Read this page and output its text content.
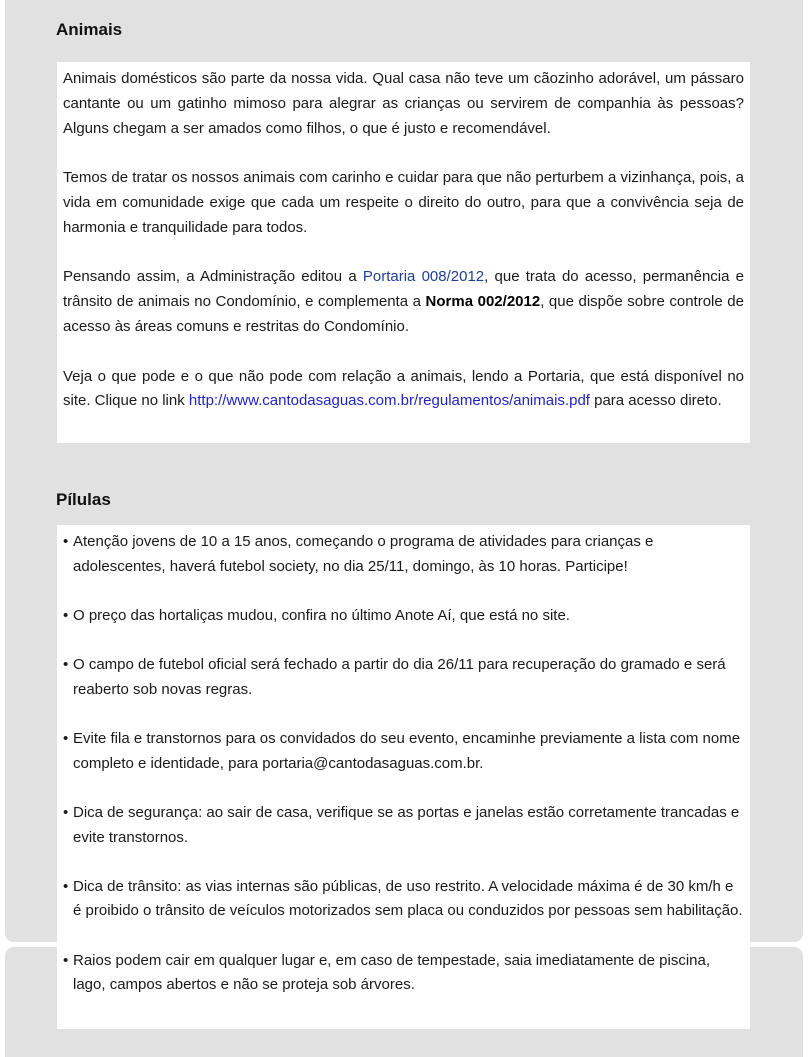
Animais

Animais domésticos são parte da nossa vida. Qual casa não teve um cãozinho adorável, um pássaro cantante ou um gatinho mimoso para alegrar as crianças ou servirem de companhia às pessoas? Alguns chegam a ser amados como filhos, o que é justo e recomendável.

Temos de tratar os nossos animais com carinho e cuidar para que não perturbem a vizinhança, pois, a vida em comunidade exige que cada um respeite o direito do outro, para que a convivência seja de harmonia e tranquilidade para todos.

Pensando assim, a Administração editou a Portaria 008/2012, que trata do acesso, permanência e trânsito de animais no Condomínio, e complementa a Norma 002/2012, que dispõe sobre controle de acesso às áreas comuns e restritas do Condomínio.

Veja o que pode e o que não pode com relação a animais, lendo a Portaria, que está disponível no site. Clique no link http://www.cantodasaguas.com.br/regulamentos/animais.pdf para acesso direto.

Pílulas
• Atenção jovens de 10 a 15 anos, começando o programa de atividades para crianças e adolescentes, haverá futebol society, no dia 25/11, domingo, às 10 horas. Participe!
• O preço das hortaliças mudou, confira no último Anote Aí, que está no site.
• O campo de futebol oficial será fechado a partir do dia 26/11 para recuperação do gramado e será reaberto sob novas regras.
• Evite fila e transtornos para os convidados do seu evento, encaminhe previamente a lista com nome completo e identidade, para portaria@cantodasaguas.com.br.
• Dica de segurança: ao sair de casa, verifique se as portas e janelas estão corretamente trancadas e evite transtornos.
• Dica de trânsito: as vias internas são públicas, de uso restrito. A velocidade máxima é de 30 km/h e é proibido o trânsito de veículos motorizados sem placa ou conduzidos por pessoas sem habilitação.
• Raios podem cair em qualquer lugar e, em caso de tempestade, saia imediatamente de piscina, lago, campos abertos e não se proteja sob árvores.
